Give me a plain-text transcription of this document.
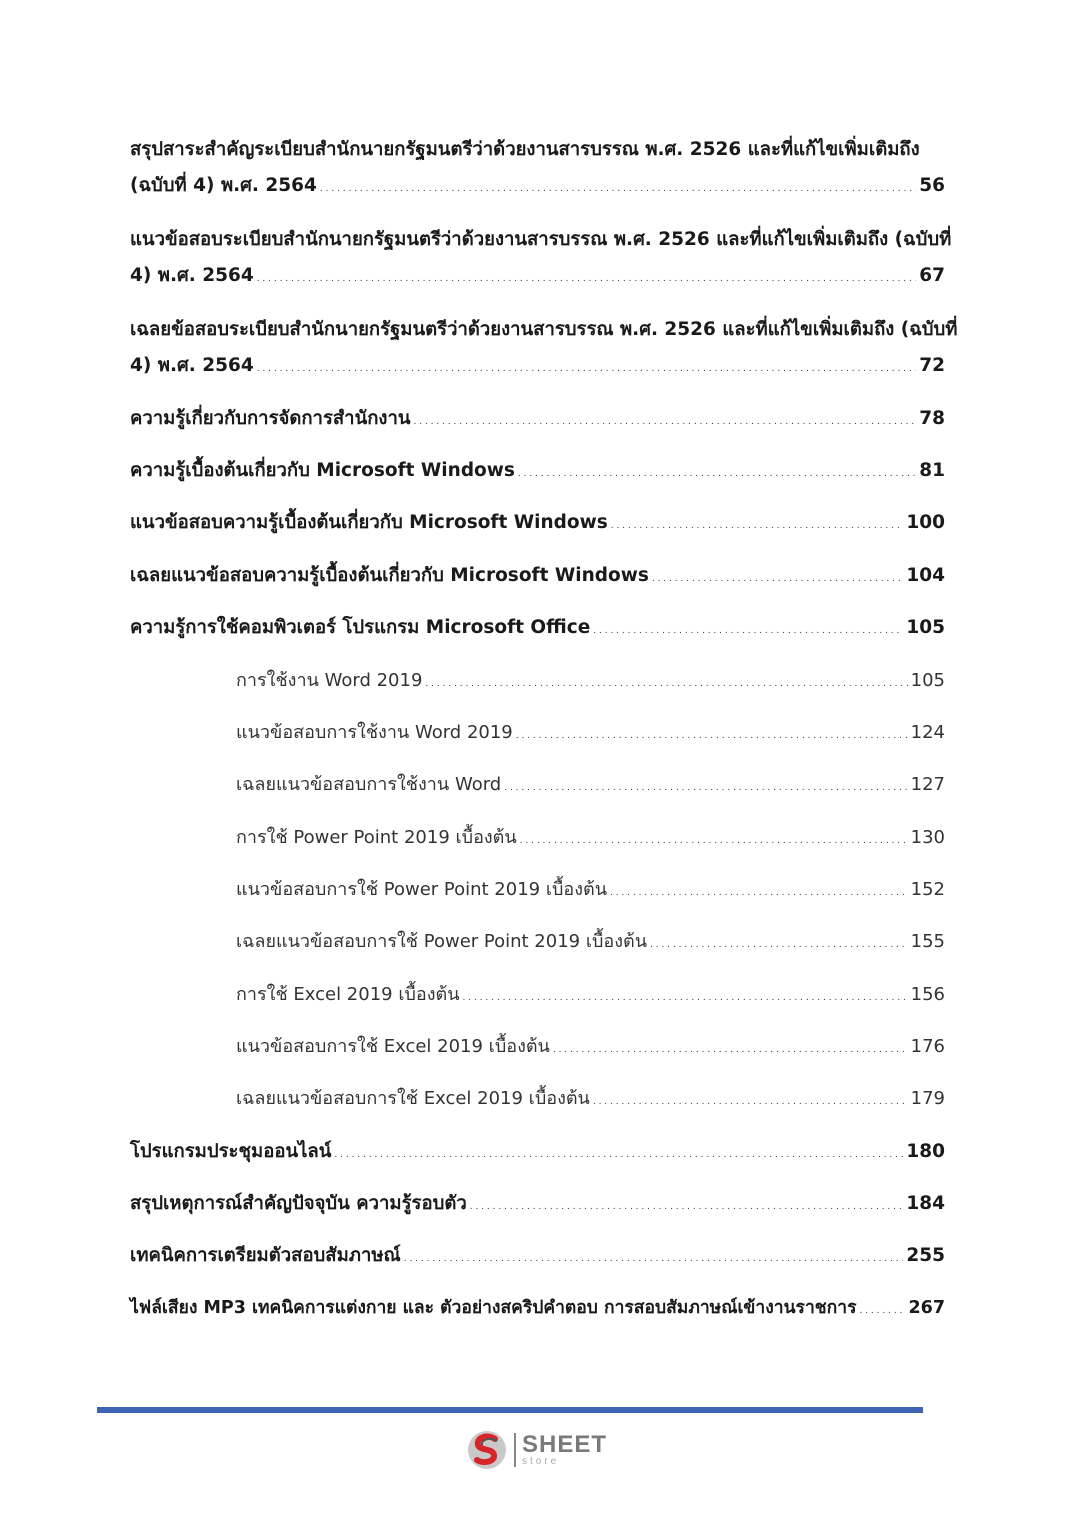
สรุปสาระสำคัญระเบียบสำนักนายกรัฐมนตรีว่าด้วยงานสารบรรณ พ.ศ. 2526 และที่แก้ไขเพิ่มเติมถึง
(ฉบับที่ 4) พ.ศ. 2564 . . .	56
แนวข้อสอบระเบียบสำนักนายกรัฐมนตรีว่าด้วยงานสารบรรณ พ.ศ. 2526 และที่แก้ไขเพิ่มเติมถึง (ฉบับที่
4) พ.ศ. 2564 . . .	67
เฉลยข้อสอบระเบียบสำนักนายกรัฐมนตรีว่าด้วยงานสารบรรณ พ.ศ. 2526 และที่แก้ไขเพิ่มเติมถึง (ฉบับที่
4) พ.ศ. 2564 . . .	72
ความรู้เกี่ยวกับการจัดการสำนักงาน . . .	78
ความรู้เบื้องต้นเกี่ยวกับ Microsoft Windows . . .	81
แนวข้อสอบความรู้เบื้องต้นเกี่ยวกับ Microsoft Windows . . .	100
เฉลยแนวข้อสอบความรู้เบื้องต้นเกี่ยวกับ Microsoft Windows . . .	104
ความรู้การใช้คอมพิวเตอร์ โปรแกรม Microsoft Office . . .	105
การใช้งาน Word 2019 . . .	105
แนวข้อสอบการใช้งาน Word 2019 . . .	124
เฉลยแนวข้อสอบการใช้งาน Word . . .	127
การใช้ Power Point 2019 เบื้องต้น . . .	130
แนวข้อสอบการใช้ Power Point 2019 เบื้องต้น . . .	152
เฉลยแนวข้อสอบการใช้ Power Point 2019 เบื้องต้น . . .	155
การใช้ Excel 2019 เบื้องต้น . . .	156
แนวข้อสอบการใช้ Excel 2019 เบื้องต้น . . .	176
เฉลยแนวข้อสอบการใช้ Excel 2019 เบื้องต้น . . .	179
โปรแกรมประชุมออนไลน์ . . .	180
สรุปเหตุการณ์สำคัญปัจจุบัน ความรู้รอบตัว . . .	184
เทคนิคการเตรียมตัวสอบสัมภาษณ์ . . .	255
ไฟล์เสียง MP3 เทคนิคการแต่งกาย และ ตัวอย่างสคริปคำตอบ การสอบสัมภาษณ์เข้างานราชการ . . .	267
SHEET
store
